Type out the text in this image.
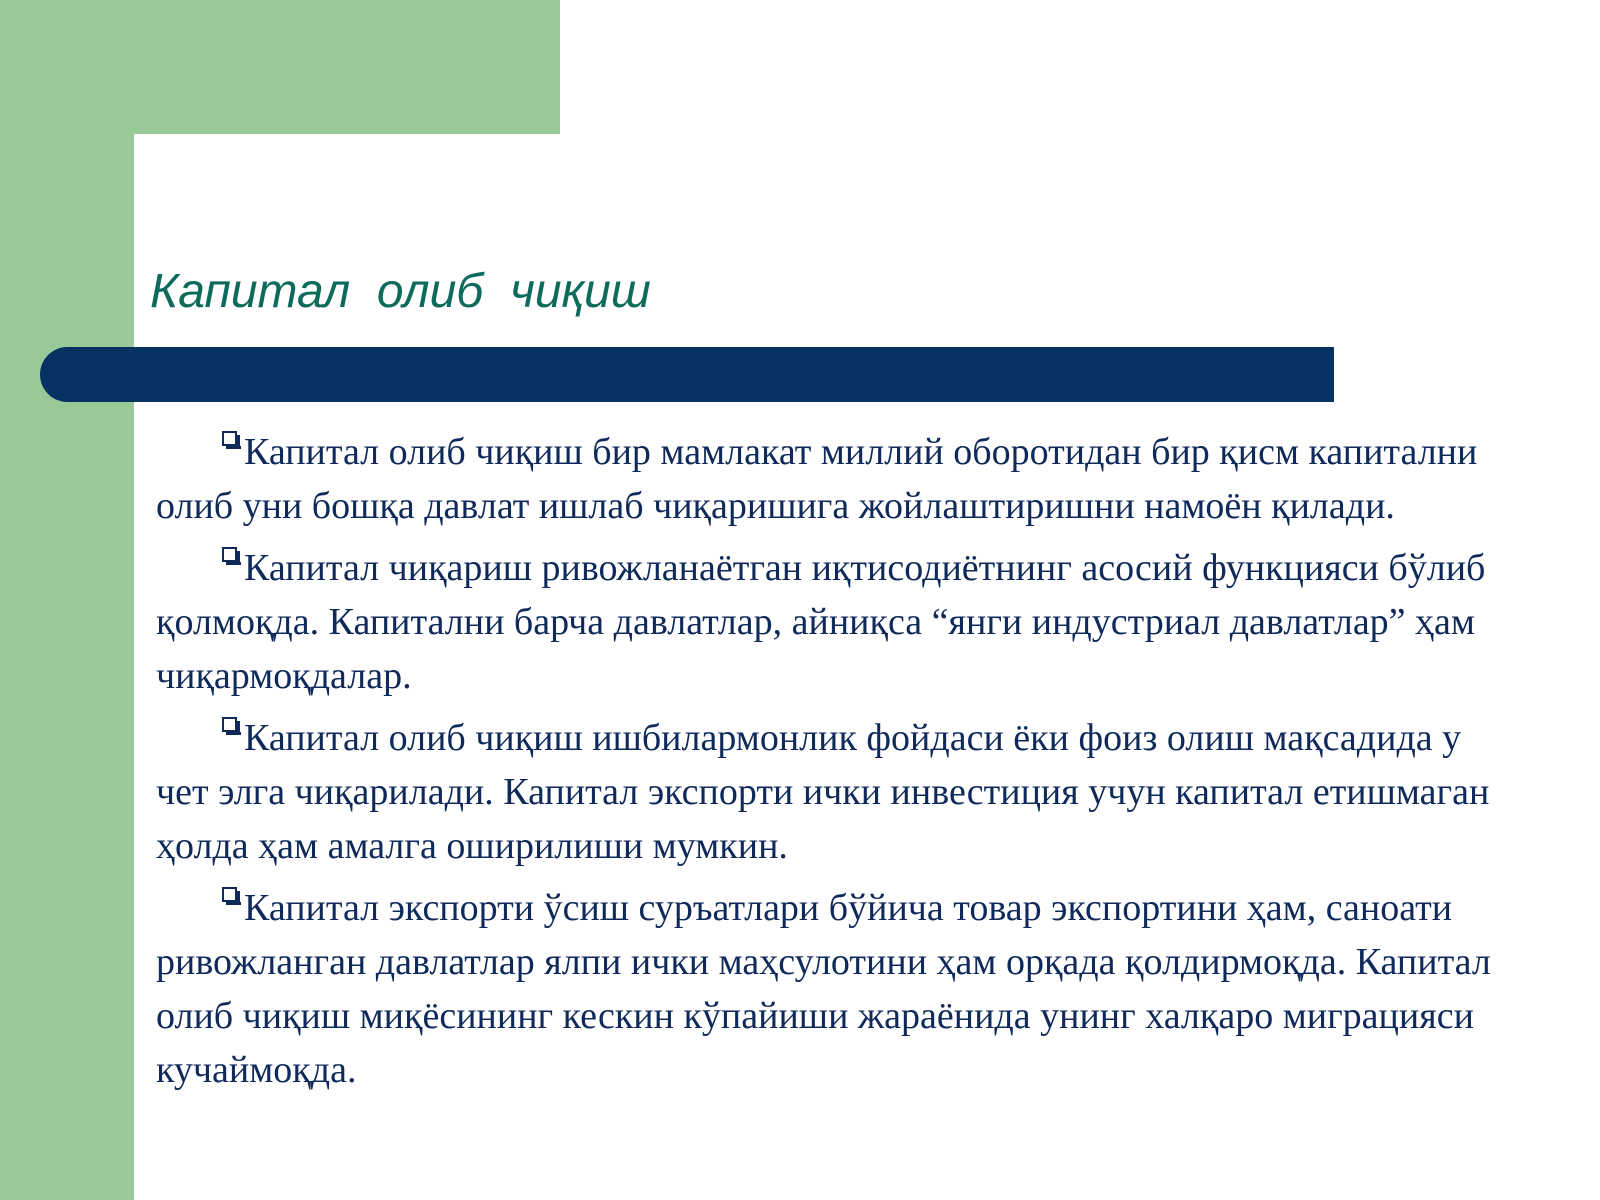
Капитал  олиб  чиқиш

Капитал олиб чиқиш бир мамлакат миллий оборотидан бир қисм капитални олиб уни бошқа давлат ишлаб чиқаришига жойлаштиришни намоён қилади.

Капитал чиқариш ривожланаётган иқтисодиётнинг асосий функцияси бўлиб қолмоқда. Капитални барча давлатлар, айниқса “янги индустриал давлатлар” ҳам чиқармоқдалар.

Капитал олиб чиқиш ишбилармонлик фойдаси ёки фоиз олиш мақсадида у чет элга чиқарилади. Капитал экспорти ички инвестиция учун капитал етишмаган ҳолда ҳам амалга оширилиши мумкин.

Капитал экспорти ўсиш суръатлари бўйича товар экспортини ҳам, саноати ривожланган давлатлар ялпи ички маҳсулотини ҳам орқада қолдирмоқда. Капитал олиб чиқиш миқёсининг кескин кўпайиши жараёнида унинг халқаро миграцияси кучаймоқда.
